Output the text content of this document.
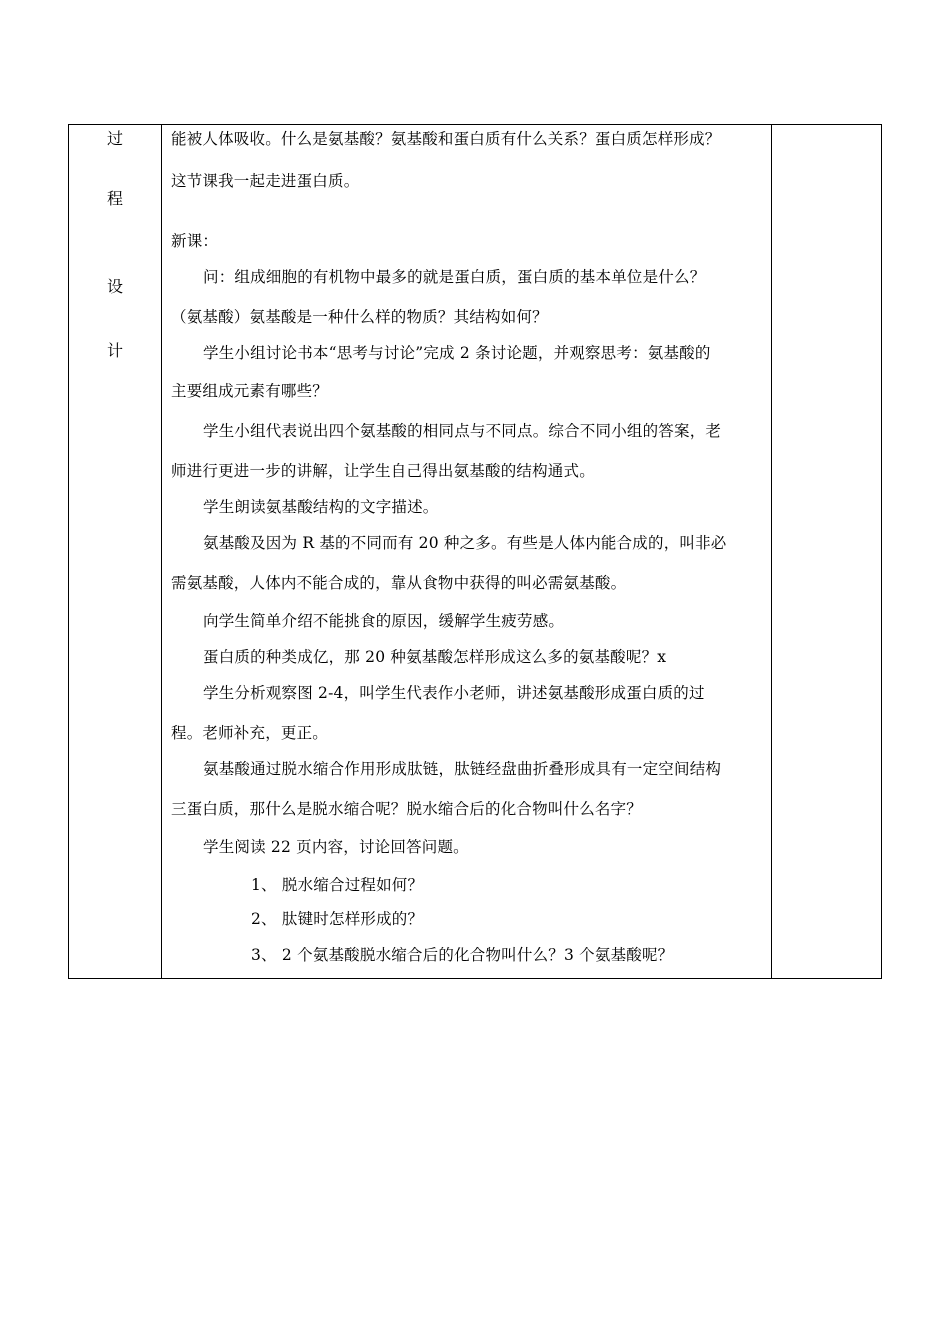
过
程
设
计
能被人体吸收。什么是氨基酸？氨基酸和蛋白质有什么关系？蛋白质怎样形成？
这节课我一起走进蛋白质。
新课：
问：组成细胞的有机物中最多的就是蛋白质，蛋白质的基本单位是什么？
（氨基酸）氨基酸是一种什么样的物质？其结构如何？
学生小组讨论书本“思考与讨论”完成 2 条讨论题，并观察思考：氨基酸的
主要组成元素有哪些？
学生小组代表说出四个氨基酸的相同点与不同点。综合不同小组的答案，老
师进行更进一步的讲解，让学生自己得出氨基酸的结构通式。
学生朗读氨基酸结构的文字描述。
氨基酸及因为 R 基的不同而有 20 种之多。有些是人体内能合成的，叫非必
需氨基酸，人体内不能合成的，靠从食物中获得的叫必需氨基酸。
向学生简单介绍不能挑食的原因，缓解学生疲劳感。
蛋白质的种类成亿，那 20 种氨基酸怎样形成这么多的氨基酸呢？x
学生分析观察图 2-4，叫学生代表作小老师，讲述氨基酸形成蛋白质的过
程。老师补充，更正。
氨基酸通过脱水缩合作用形成肽链，肽链经盘曲折叠形成具有一定空间结构
三蛋白质，那什么是脱水缩合呢？脱水缩合后的化合物叫什么名字？
学生阅读 22 页内容，讨论回答问题。
1、 脱水缩合过程如何？
2、 肽键时怎样形成的？
3、 2 个氨基酸脱水缩合后的化合物叫什么？3 个氨基酸呢？
